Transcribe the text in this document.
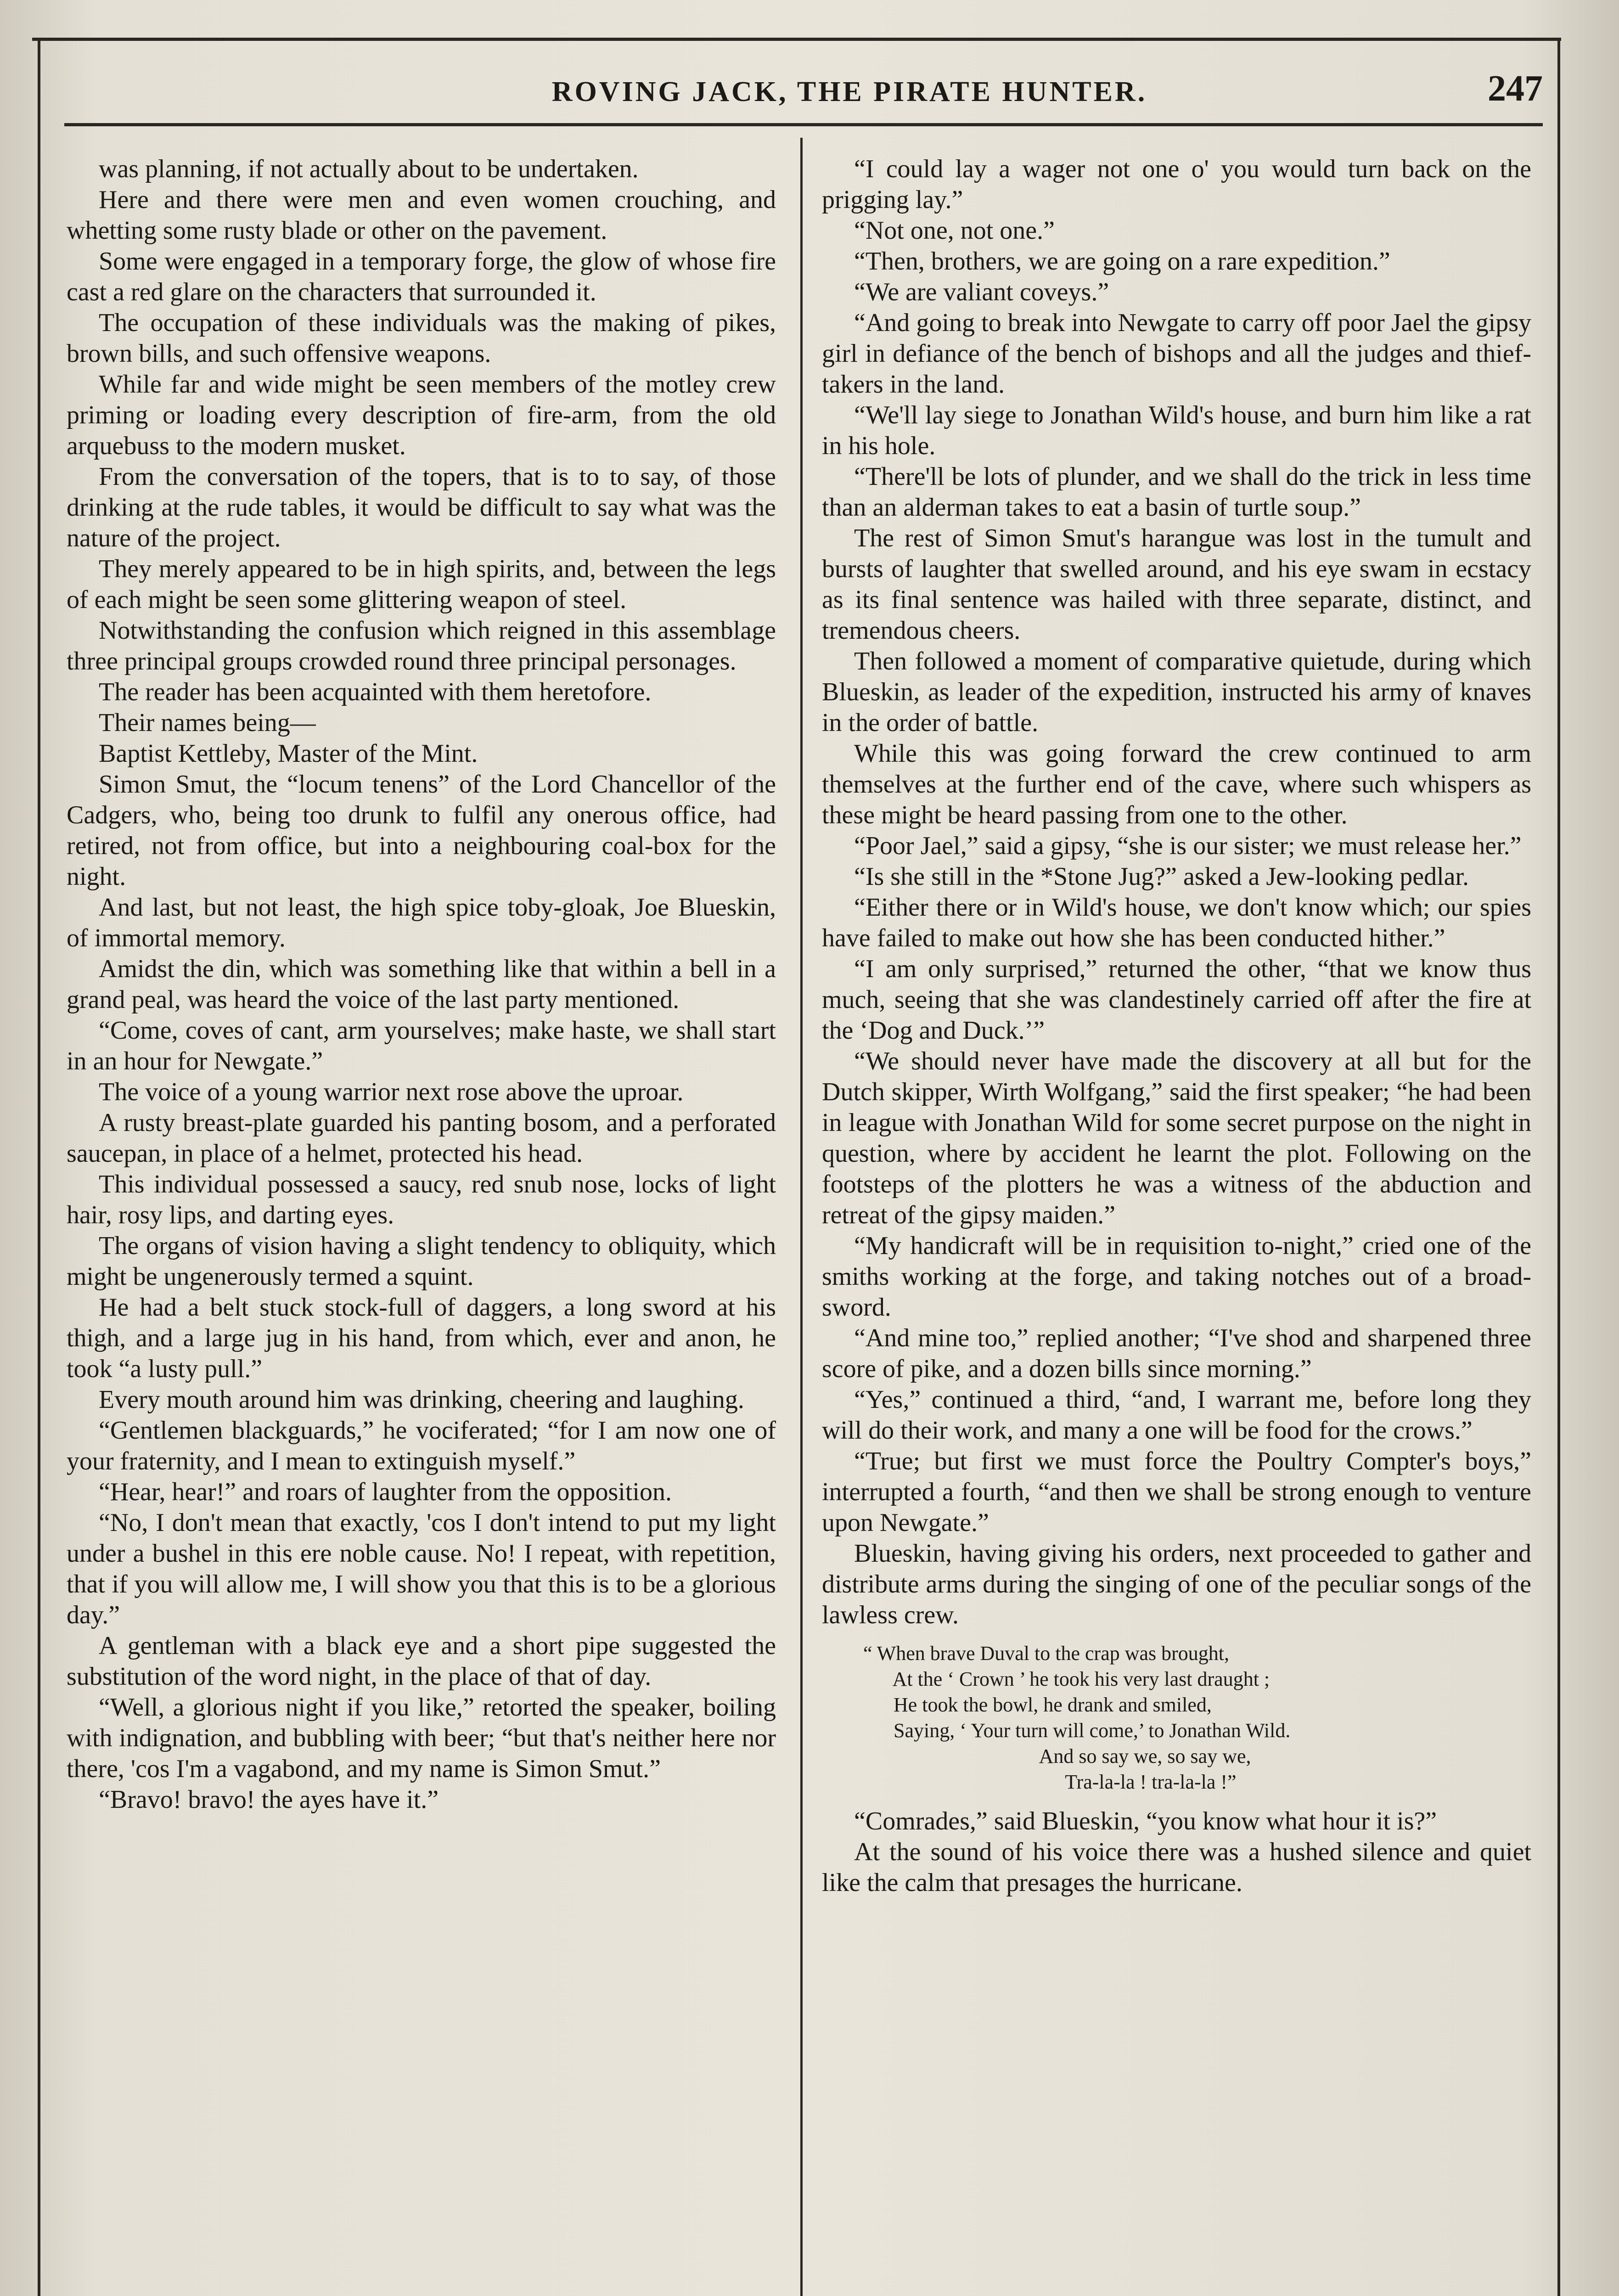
ROVING JACK, THE PIRATE HUNTER.	247

was planning, if not actually about to be undertaken.

Here and there were men and even women crouching, and whetting some rusty blade or other on the pavement.

Some were engaged in a temporary forge, the glow of whose fire cast a red glare on the characters that surrounded it.

The occupation of these individuals was the making of pikes, brown bills, and such offensive weapons.

While far and wide might be seen members of the motley crew priming or loading every description of fire-arm, from the old arquebuss to the modern musket.

From the conversation of the topers, that is to to say, of those drinking at the rude tables, it would be difficult to say what was the nature of the project.

They merely appeared to be in high spirits, and, between the legs of each might be seen some glittering weapon of steel.

Notwithstanding the confusion which reigned in this assemblage three principal groups crowded round three principal personages.

The reader has been acquainted with them heretofore.

Their names being—

Baptist Kettleby, Master of the Mint.

Simon Smut, the “locum tenens” of the Lord Chancellor of the Cadgers, who, being too drunk to fulfil any onerous office, had retired, not from office, but into a neighbouring coal-box for the night.

And last, but not least, the high spice toby-gloak, Joe Blueskin, of immortal memory.

Amidst the din, which was something like that within a bell in a grand peal, was heard the voice of the last party mentioned.

“Come, coves of cant, arm yourselves; make haste, we shall start in an hour for Newgate.”

The voice of a young warrior next rose above the uproar.

A rusty breast-plate guarded his panting bosom, and a perforated saucepan, in place of a helmet, protected his head.

This individual possessed a saucy, red snub nose, locks of light hair, rosy lips, and darting eyes.

The organs of vision having a slight tendency to obliquity, which might be ungenerously termed a squint.

He had a belt stuck stock-full of daggers, a long sword at his thigh, and a large jug in his hand, from which, ever and anon, he took “a lusty pull.”

Every mouth around him was drinking, cheering and laughing.

“Gentlemen blackguards,” he vociferated; “for I am now one of your fraternity, and I mean to extinguish myself.”

“Hear, hear!” and roars of laughter from the opposition.

“No, I don't mean that exactly, 'cos I don't intend to put my light under a bushel in this ere noble cause. No! I repeat, with repetition, that if you will allow me, I will show you that this is to be a glorious day.”

A gentleman with a black eye and a short pipe suggested the substitution of the word night, in the place of that of day.

“Well, a glorious night if you like,” retorted the speaker, boiling with indignation, and bubbling with beer; “but that's neither here nor there, 'cos I'm a vagabond, and my name is Simon Smut.”

“Bravo! bravo! the ayes have it.”

“I could lay a wager not one o' you would turn back on the prigging lay.”

“Not one, not one.”

“Then, brothers, we are going on a rare expedition.”

“We are valiant coveys.”

“And going to break into Newgate to carry off poor Jael the gipsy girl in defiance of the bench of bishops and all the judges and thief-takers in the land.

“We'll lay siege to Jonathan Wild's house, and burn him like a rat in his hole.

“There'll be lots of plunder, and we shall do the trick in less time than an alderman takes to eat a basin of turtle soup.”

The rest of Simon Smut's harangue was lost in the tumult and bursts of laughter that swelled around, and his eye swam in ecstacy as its final sentence was hailed with three separate, distinct, and tremendous cheers.

Then followed a moment of comparative quietude, during which Blueskin, as leader of the expedition, instructed his army of knaves in the order of battle.

While this was going forward the crew continued to arm themselves at the further end of the cave, where such whispers as these might be heard passing from one to the other.

“Poor Jael,” said a gipsy, “she is our sister; we must release her.”

“Is she still in the *Stone Jug?” asked a Jew-looking pedlar.

“Either there or in Wild's house, we don't know which; our spies have failed to make out how she has been conducted hither.”

“I am only surprised,” returned the other, “that we know thus much, seeing that she was clandestinely carried off after the fire at the ‘Dog and Duck.’”

“We should never have made the discovery at all but for the Dutch skipper, Wirth Wolfgang,” said the first speaker; “he had been in league with Jonathan Wild for some secret purpose on the night in question, where by accident he learnt the plot. Following on the footsteps of the plotters he was a witness of the abduction and retreat of the gipsy maiden.”

“My handicraft will be in requisition to-night,” cried one of the smiths working at the forge, and taking notches out of a broad-sword.

“And mine too,” replied another; “I've shod and sharpened three score of pike, and a dozen bills since morning.”

“Yes,” continued a third, “and, I warrant me, before long they will do their work, and many a one will be food for the crows.”

“True; but first we must force the Poultry Compter's boys,” interrupted a fourth, “and then we shall be strong enough to venture upon Newgate.”

Blueskin, having giving his orders, next proceeded to gather and distribute arms during the singing of one of the peculiar songs of the lawless crew.

“ When brave Duval to the crap was brought,
At the ‘ Crown ’ he took his very last draught ;
He took the bowl, he drank and smiled,
Saying, ‘ Your turn will come,’ to Jonathan Wild.
And so say we, so say we,
Tra-la-la ! tra-la-la !”

“Comrades,” said Blueskin, “you know what hour it is?”

At the sound of his voice there was a hushed silence and quiet like the calm that presages the hurricane.
